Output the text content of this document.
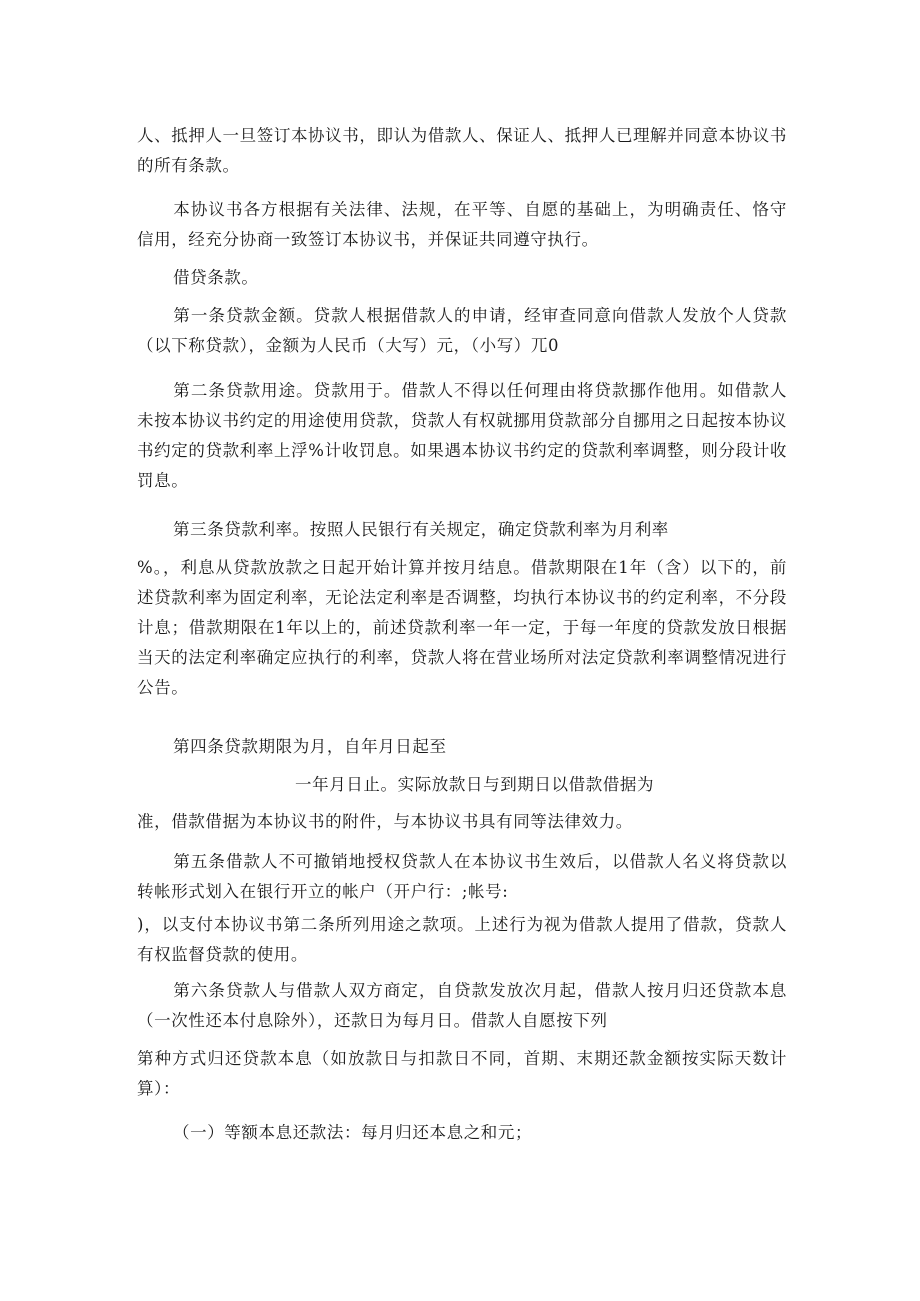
人、抵押人一旦签订本协议书，即认为借款人、保证人、抵押人已理解并同意本协议书的所有条款。

本协议书各方根据有关法律、法规，在平等、自愿的基础上，为明确责任、恪守信用，经充分协商一致签订本协议书，并保证共同遵守执行。

借贷条款。

第一条贷款金额。贷款人根据借款人的申请，经审查同意向借款人发放个人贷款（以下称贷款），金额为人民币（大写）元，（小写）兀0

第二条贷款用途。贷款用于。借款人不得以任何理由将贷款挪作他用。如借款人未按本协议书约定的用途使用贷款，贷款人有权就挪用贷款部分自挪用之日起按本协议书约定的贷款利率上浮%计收罚息。如果遇本协议书约定的贷款利率调整，则分段计收罚息。

第三条贷款利率。按照人民银行有关规定，确定贷款利率为月利率

%。，利息从贷款放款之日起开始计算并按月结息。借款期限在1年（含）以下的，前述贷款利率为固定利率，无论法定利率是否调整，均执行本协议书的约定利率，不分段计息；借款期限在1年以上的，前述贷款利率一年一定，于每一年度的贷款发放日根据当天的法定利率确定应执行的利率，贷款人将在营业场所对法定贷款利率调整情况进行公告。

第四条贷款期限为月，自年月日起至

一年月日止。实际放款日与到期日以借款借据为

准，借款借据为本协议书的附件，与本协议书具有同等法律效力。

第五条借款人不可撤销地授权贷款人在本协议书生效后，以借款人名义将贷款以转帐形式划入在银行开立的帐户（开户行：;帐号:

)，以支付本协议书第二条所列用途之款项。上述行为视为借款人提用了借款，贷款人有权监督贷款的使用。

第六条贷款人与借款人双方商定，自贷款发放次月起，借款人按月归还贷款本息（一次性还本付息除外），还款日为每月日。借款人自愿按下列

第种方式归还贷款本息（如放款日与扣款日不同，首期、末期还款金额按实际天数计算）：

（一）等额本息还款法：每月归还本息之和元；
